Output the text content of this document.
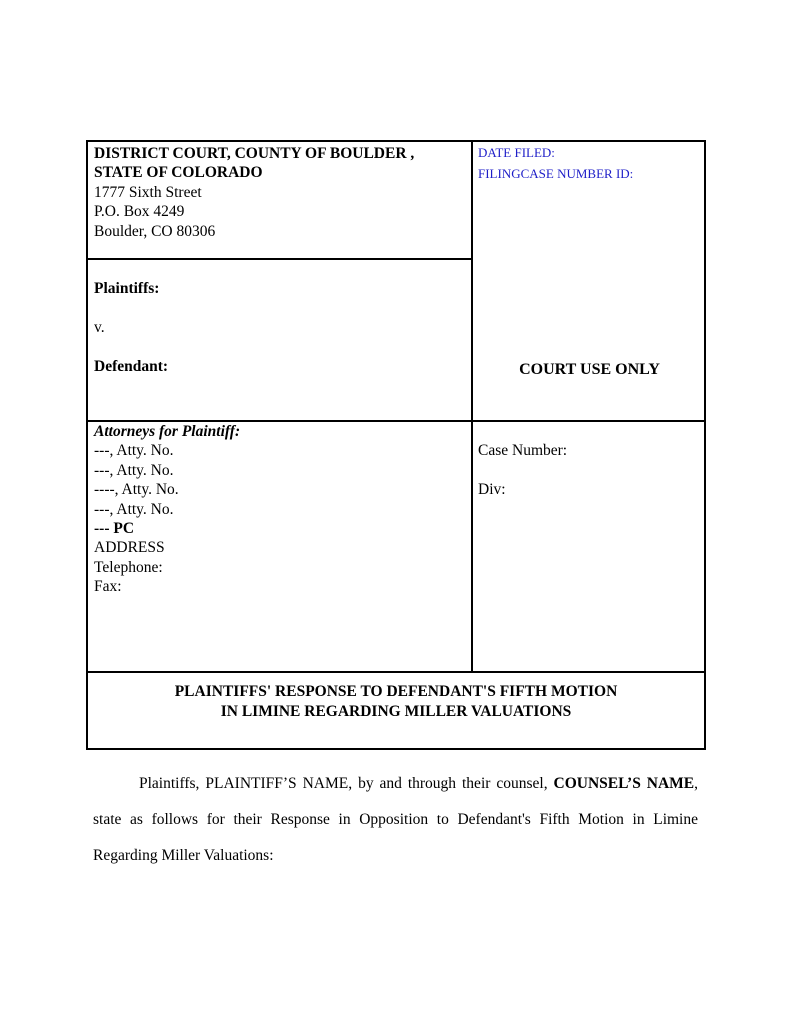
DISTRICT COURT, COUNTY OF BOULDER ,
STATE OF COLORADO
1777 Sixth Street
P.O. Box 4249
Boulder, CO 80306
DATE FILED:
FILINGCASE NUMBER ID:
Plaintiffs:
v.
Defendant:	COURT USE ONLY
Attorneys for Plaintiff:
---, Atty. No.
---, Atty. No.
----, Atty. No.
---, Atty. No.
--- PC
ADDRESS
Telephone:
Fax:
Case Number:
Div:
PLAINTIFFS' RESPONSE TO DEFENDANT'S FIFTH MOTION
IN LIMINE REGARDING MILLER VALUATIONS
Plaintiffs, PLAINTIFF’S NAME, by and through their counsel, COUNSEL’S NAME, state as follows for their Response in Opposition to Defendant's Fifth Motion in Limine Regarding Miller Valuations:
